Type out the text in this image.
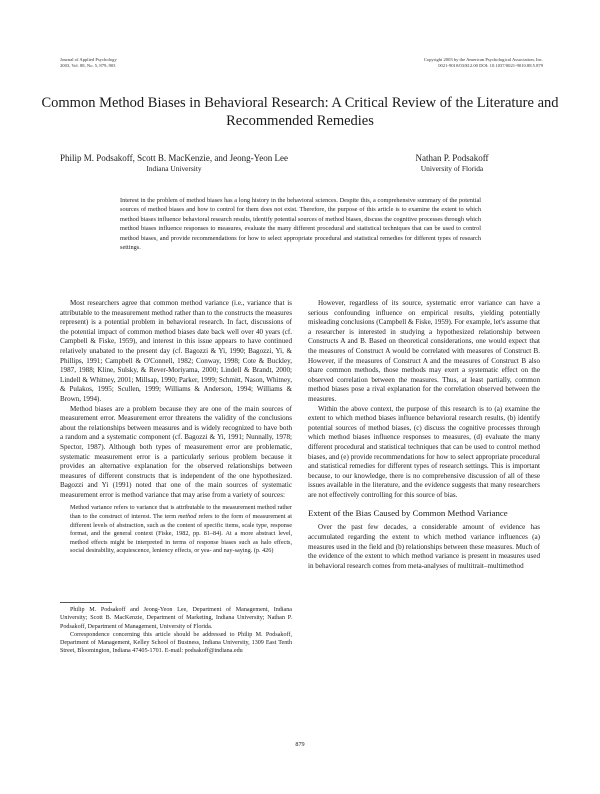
Journal of Applied Psychology
2003, Vol. 88, No. 5, 879–903
Copyright 2003 by the American Psychological Association, Inc.
0021-9010/03/$12.00 DOI: 10.1037/0021-9010.88.5.879
Common Method Biases in Behavioral Research: A Critical Review of the Literature and Recommended Remedies
Philip M. Podsakoff, Scott B. MacKenzie, and Jeong-Yeon Lee
Indiana University
Nathan P. Podsakoff
University of Florida
Interest in the problem of method biases has a long history in the behavioral sciences. Despite this, a comprehensive summary of the potential sources of method biases and how to control for them does not exist. Therefore, the purpose of this article is to examine the extent to which method biases influence behavioral research results, identify potential sources of method biases, discuss the cognitive processes through which method biases influence responses to measures, evaluate the many different procedural and statistical techniques that can be used to control method biases, and provide recommendations for how to select appropriate procedural and statistical remedies for different types of research settings.

Most researchers agree that common method variance (i.e., variance that is attributable to the measurement method rather than to the constructs the measures represent) is a potential problem in behavioral research. In fact, discussions of the potential impact of common method biases date back well over 40 years (cf. Campbell & Fiske, 1959), and interest in this issue appears to have continued relatively unabated to the present day (cf. Bagozzi & Yi, 1990; Bagozzi, Yi, & Phillips, 1991; Campbell & O'Connell, 1982; Conway, 1998; Cote & Buckley, 1987, 1988; Kline, Sulsky, & Rever-Moriyama, 2000; Lindell & Brandt, 2000; Lindell & Whitney, 2001; Millsap, 1990; Parker, 1999; Schmitt, Nason, Whitney, & Pulakos, 1995; Scullen, 1999; Williams & Anderson, 1994; Williams & Brown, 1994).

Method biases are a problem because they are one of the main sources of measurement error. Measurement error threatens the validity of the conclusions about the relationships between measures and is widely recognized to have both a random and a systematic component (cf. Bagozzi & Yi, 1991; Nunnally, 1978; Spector, 1987). Although both types of measurement error are problematic, systematic measurement error is a particularly serious problem because it provides an alternative explanation for the observed relationships between measures of different constructs that is independent of the one hypothesized. Bagozzi and Yi (1991) noted that one of the main sources of systematic measurement error is method variance that may arise from a variety of sources:

Method variance refers to variance that is attributable to the measurement method rather than to the construct of interest. The term method refers to the form of measurement at different levels of abstraction, such as the content of specific items, scale type, response format, and the general context (Fiske, 1982, pp. 81–84). At a more abstract level, method effects might be interpreted in terms of response biases such as halo effects, social desirability, acquiescence, leniency effects, or yea- and nay-saying. (p. 426)

However, regardless of its source, systematic error variance can have a serious confounding influence on empirical results, yielding potentially misleading conclusions (Campbell & Fiske, 1959). For example, let's assume that a researcher is interested in studying a hypothesized relationship between Constructs A and B. Based on theoretical considerations, one would expect that the measures of Construct A would be correlated with measures of Construct B. However, if the measures of Construct A and the measures of Construct B also share common methods, those methods may exert a systematic effect on the observed correlation between the measures. Thus, at least partially, common method biases pose a rival explanation for the correlation observed between the measures.

Within the above context, the purpose of this research is to (a) examine the extent to which method biases influence behavioral research results, (b) identify potential sources of method biases, (c) discuss the cognitive processes through which method biases influence responses to measures, (d) evaluate the many different procedural and statistical techniques that can be used to control method biases, and (e) provide recommendations for how to select appropriate procedural and statistical remedies for different types of research settings. This is important because, to our knowledge, there is no comprehensive discussion of all of these issues available in the literature, and the evidence suggests that many researchers are not effectively controlling for this source of bias.

Extent of the Bias Caused by Common Method Variance

Over the past few decades, a considerable amount of evidence has accumulated regarding the extent to which method variance influences (a) measures used in the field and (b) relationships between these measures. Much of the evidence of the extent to which method variance is present in measures used in behavioral research comes from meta-analyses of multitrait–multimethod

Philip M. Podsakoff and Jeong-Yeon Lee, Department of Management, Indiana University; Scott B. MacKenzie, Department of Marketing, Indiana University; Nathan P. Podsakoff, Department of Management, University of Florida.

Correspondence concerning this article should be addressed to Philip M. Podsakoff, Department of Management, Kelley School of Business, Indiana University, 1309 East Tenth Street, Bloomington, Indiana 47405-1701. E-mail: podsakoff@indiana.edu

879
